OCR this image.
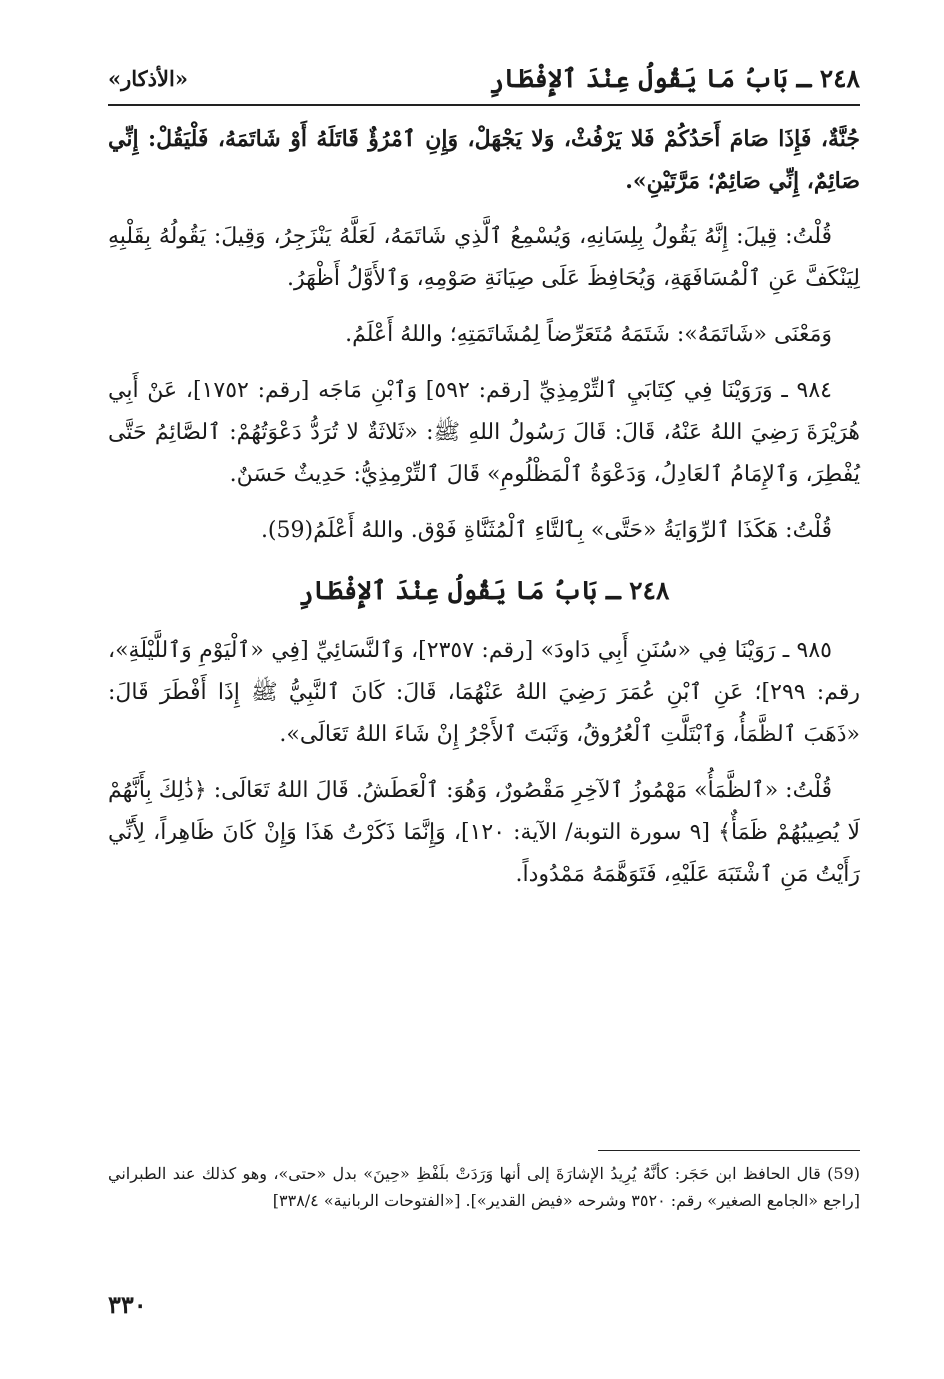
٢٤٨ ـ بَابُ مَا يَقُولُ عِنْدَ ٱلإِفْطَارِ
«الأذكار»

جُنَّةٌ، فَإِذَا صَامَ أَحَدُكُمْ فَلا يَرْفُثْ، وَلا يَجْهَلْ، وَإِنِ ٱمْرُؤٌ قَاتَلَهُ أَوْ شَاتَمَهُ، فَلْيَقُلْ: إِنِّي صَائِمٌ، إِنِّي صَائِمٌ؛ مَرَّتَيْنِ».

قُلْتُ: قِيلَ: إِنَّهُ يَقُولُ بِلِسَانِهِ، وَيُسْمِعُ ٱلَّذِي شَاتَمَهُ، لَعَلَّهُ يَنْزَجِرُ، وَقِيلَ: يَقُولُهُ بِقَلْبِهِ لِيَنْكَفَّ عَنِ ٱلْمُسَافَهَةِ، وَيُحَافِظَ عَلَى صِيَانَةِ صَوْمِهِ، وَٱلأَوَّلُ أَظْهَرُ.

وَمَعْنَى «شَاتَمَهُ»: شَتَمَهُ مُتَعَرِّضاً لِمُشَاتَمَتِهِ؛ واللهُ أَعْلَمُ.

٩٨٤ ـ وَرَوَيْنَا فِي كِتَابَيِ ٱلتِّرْمِذِيِّ [رقم: ٥٩٢] وَٱبْنِ مَاجَه [رقم: ١٧٥٢]، عَنْ أَبِي هُرَيْرَةَ رَضِيَ اللهُ عَنْهُ، قَالَ: قَالَ رَسُولُ اللهِ ﷺ: «ثَلاثَةٌ لا تُرَدُّ دَعْوَتُهُمْ: ٱلصَّائِمُ حَتَّى يُفْطِرَ، وَٱلإِمَامُ ٱلعَادِلُ، وَدَعْوَةُ ٱلْمَظْلُومِ» قَالَ ٱلتِّرْمِذِيُّ: حَدِيثٌ حَسَنٌ.

قُلْتُ: هَكَذَا ٱلرِّوَايَةُ «حَتَّى» بِٱلتَّاءِ ٱلْمُثَنَّاةِ فَوْق. واللهُ أَعْلَمُ(59).

٢٤٨ ـ بَابُ مَا يَقُولُ عِنْدَ ٱلإِفْطَارِ

٩٨٥ ـ رَوَيْنَا فِي «سُنَنِ أَبِي دَاودَ» [رقم: ٢٣٥٧]، وَٱلنَّسَائِيِّ [فِي «ٱلْيَوْمِ وَٱللَّيْلَةِ»، رقم: ٢٩٩]؛ عَنِ ٱبْنِ عُمَرَ رَضِيَ اللهُ عَنْهُمَا، قَالَ: كَانَ ٱلنَّبِيُّ ﷺ إِذَا أَفْطَرَ قَالَ: «ذَهَبَ ٱلظَّمَأُ، وَٱبْتَلَّتِ ٱلْعُرُوقُ، وَثَبَتَ ٱلأَجْرُ إِنْ شَاءَ اللهُ تَعَالَى».

قُلْتُ: «ٱلظَّمَأُ» مَهْمُوزُ ٱلآخِرِ مَقْصُورٌ، وَهُوَ: ٱلْعَطَشُ. قَالَ اللهُ تَعَالَى: ﴿ذَٰلِكَ بِأَنَّهُمْ لَا يُصِيبُهُمْ ظَمَأٌ﴾ [٩ سورة التوبة/ الآية: ١٢٠]، وَإِنَّمَا ذَكَرْتُ هَذَا وَإِنْ كَانَ ظَاهِراً، لِأَنِّي رَأَيْتُ مَنِ ٱشْتَبَهَ عَلَيْهِ، فَتَوَهَّمَهُ مَمْدُوداً.

(59) قال الحافظ ابن حَجَر: كأنَّهُ يُرِيدُ الإشارَةَ إلى أنها وَرَدَتْ بلَفْظِ «حِينَ» بدل «حتى»، وهو كذلك عند الطبراني [راجع «الجامع الصغير» رقم: ٣٥٢٠ وشرحه «فيض القدير»]. [«الفتوحات الربانية» ٣٣٨/٤]

٣٣٠
